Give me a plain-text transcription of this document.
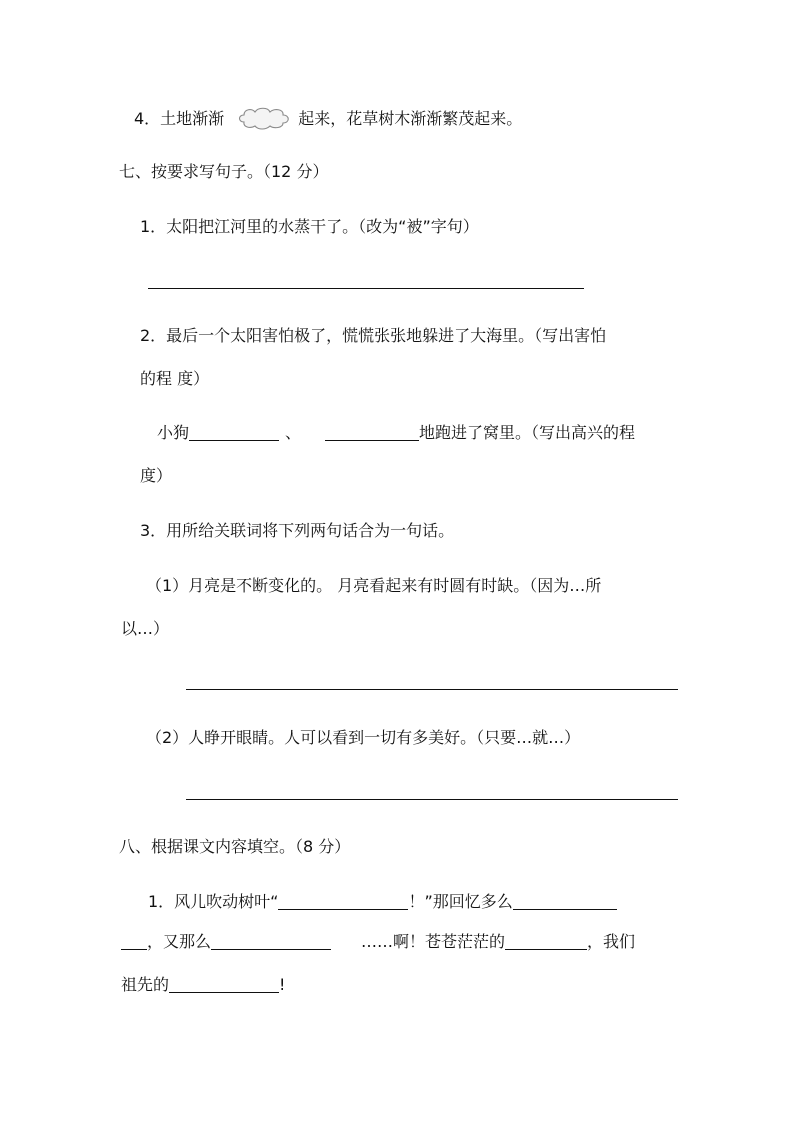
4．土地渐渐	起来，花草树木渐渐繁茂起来。
七、按要求写句子。（12 分）
1．太阳把江河里的水蒸干了。（改为“被”字句）
2．最后一个太阳害怕极了，慌慌张张地躲进了大海里。（写出害怕
的程 度）
小狗	、	地跑进了窝里。（写出高兴的程
度）
3．用所给关联词将下列两句话合为一句话。
（1）月亮是不断变化的。 月亮看起来有时圆有时缺。（因为…所
以…）
（2）人睁开眼睛。人可以看到一切有多美好。（只要…就…）
八、根据课文内容填空。（8 分）
1．风儿吹动树叶“	！”那回忆多么
，又那么	……啊！苍苍茫茫的	，我们
祖先的	!
